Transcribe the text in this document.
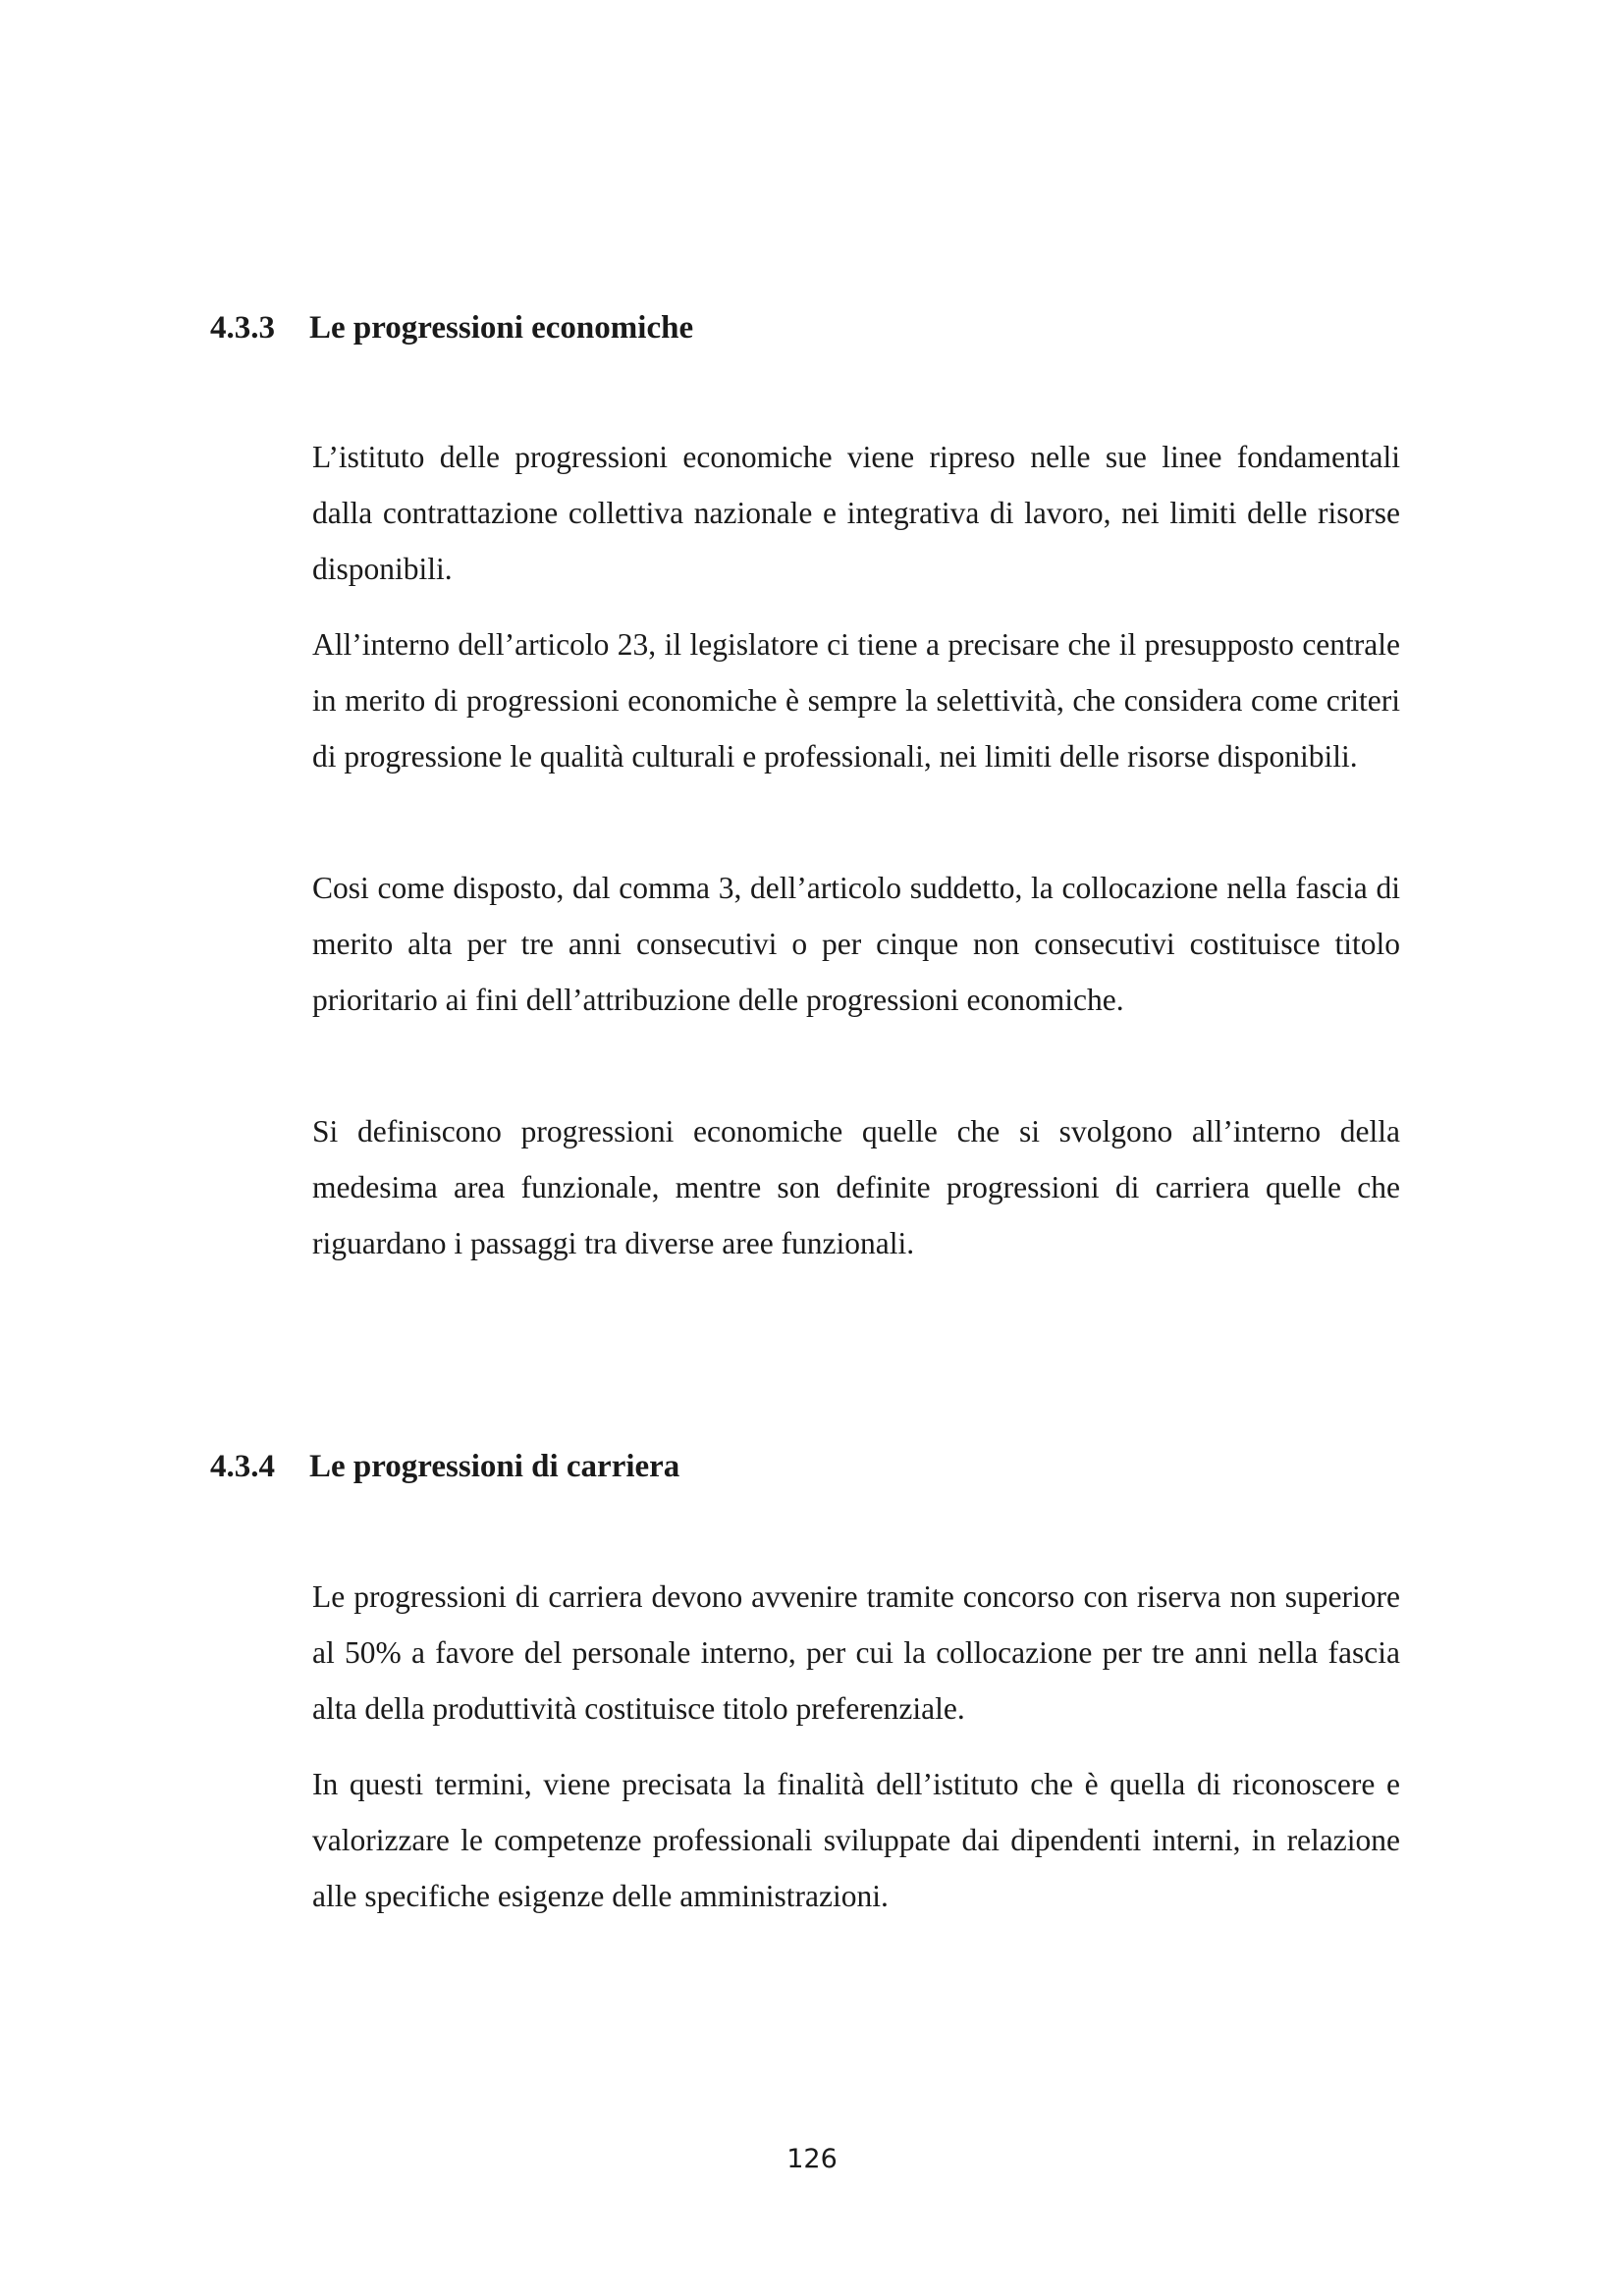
4.3.3 Le progressioni economiche

L’istituto delle progressioni economiche viene ripreso nelle sue linee fondamentali dalla contrattazione collettiva nazionale e integrativa di lavoro, nei limiti delle risorse disponibili.

All’interno dell’articolo 23, il legislatore ci tiene a precisare che il presupposto centrale in merito di progressioni economiche è sempre la selettività, che considera come criteri di progressione le qualità culturali e professionali, nei limiti delle risorse disponibili.

Cosi come disposto, dal comma 3, dell’articolo suddetto, la collocazione nella fascia di merito alta per tre anni consecutivi o per cinque non consecutivi costituisce titolo prioritario ai fini dell’attribuzione delle progressioni economiche.

Si definiscono progressioni economiche quelle che si svolgono all’interno della medesima area funzionale, mentre son definite progressioni di carriera quelle che riguardano i passaggi tra diverse aree funzionali.

4.3.4 Le progressioni di carriera

Le progressioni di carriera devono avvenire tramite concorso con riserva non superiore al 50% a favore del personale interno, per cui la collocazione per tre anni nella fascia alta della produttività costituisce titolo preferenziale.

In questi termini, viene precisata la finalità dell’istituto che è quella di riconoscere e valorizzare le competenze professionali sviluppate dai dipendenti interni, in relazione alle specifiche esigenze delle amministrazioni.

126
